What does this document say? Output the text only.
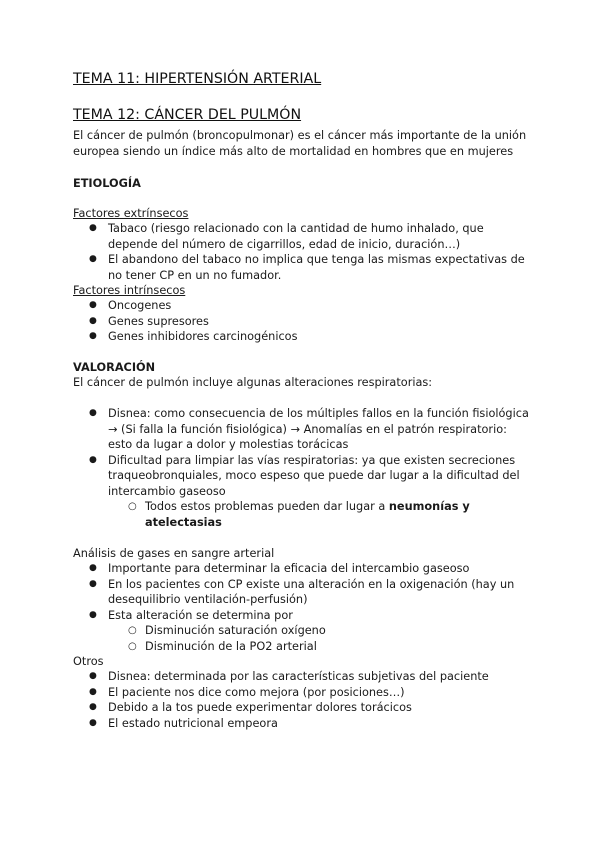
TEMA 11: HIPERTENSIÓN ARTERIAL
TEMA 12: CÁNCER DEL PULMÓN
El cáncer de pulmón (broncopulmonar) es el cáncer más importante de la unión
europea siendo un índice más alto de mortalidad en hombres que en mujeres
ETIOLOGÍA
Factores extrínsecos
● Tabaco (riesgo relacionado con la cantidad de humo inhalado, que
depende del número de cigarrillos, edad de inicio, duración…)
● El abandono del tabaco no implica que tenga las mismas expectativas de
no tener CP en un no fumador.
Factores intrínsecos
● Oncogenes
● Genes supresores
● Genes inhibidores carcinogénicos
VALORACIÓN
El cáncer de pulmón incluye algunas alteraciones respiratorias:
● Disnea: como consecuencia de los múltiples fallos en la función fisiológica
→ (Si falla la función fisiológica) → Anomalías en el patrón respiratorio:
esto da lugar a dolor y molestias torácicas
● Dificultad para limpiar las vías respiratorias: ya que existen secreciones
traqueobronquiales, moco espeso que puede dar lugar a la dificultad del
intercambio gaseoso
○ Todos estos problemas pueden dar lugar a neumonías y
atelectasias
Análisis de gases en sangre arterial
● Importante para determinar la eficacia del intercambio gaseoso
● En los pacientes con CP existe una alteración en la oxigenación (hay un
desequilibrio ventilación-perfusión)
● Esta alteración se determina por
○ Disminución saturación oxígeno
○ Disminución de la PO2 arterial
Otros
● Disnea: determinada por las características subjetivas del paciente
● El paciente nos dice como mejora (por posiciones…)
● Debido a la tos puede experimentar dolores torácicos
● El estado nutricional empeora
